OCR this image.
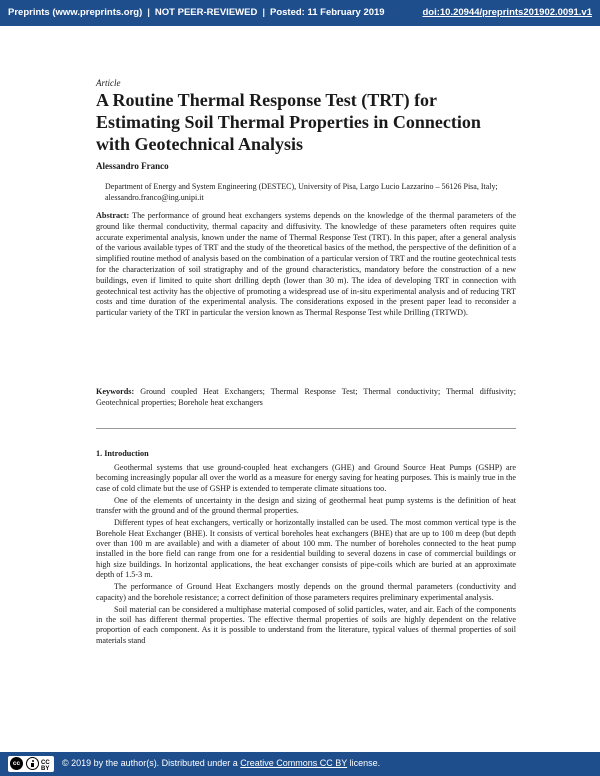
Preprints (www.preprints.org) | NOT PEER-REVIEWED | Posted: 11 February 2019	doi:10.20944/preprints201902.0091.v1
Article
A Routine Thermal Response Test (TRT) for Estimating Soil Thermal Properties in Connection with Geotechnical Analysis
Alessandro Franco
Department of Energy and System Engineering (DESTEC), University of Pisa, Largo Lucio Lazzarino – 56126 Pisa, Italy; alessandro.franco@ing.unipi.it

Abstract: The performance of ground heat exchangers systems depends on the knowledge of the thermal parameters of the ground like thermal conductivity, thermal capacity and diffusivity. The knowledge of these parameters often requires quite accurate experimental analysis, known under the name of Thermal Response Test (TRT). In this paper, after a general analysis of the various available types of TRT and the study of the theoretical basics of the method, the perspective of the definition of a simplified routine method of analysis based on the combination of a particular version of TRT and the routine geotechnical tests for the characterization of soil stratigraphy and of the ground characteristics, mandatory before the construction of a new buildings, even if limited to quite short drilling depth (lower than 30 m). The idea of developing TRT in connection with geotechnical test activity has the objective of promoting a widespread use of in-situ experimental analysis and of reducing TRT costs and time duration of the experimental analysis. The considerations exposed in the present paper lead to reconsider a particular variety of the TRT in particular the version known as Thermal Response Test while Drilling (TRTWD).

Keywords: Ground coupled Heat Exchangers; Thermal Response Test; Thermal conductivity; Thermal diffusivity; Geotechnical properties; Borehole heat exchangers

1. Introduction

Geothermal systems that use ground-coupled heat exchangers (GHE) and Ground Source Heat Pumps (GSHP) are becoming increasingly popular all over the world as a measure for energy saving for heating purposes. This is mainly true in the case of cold climate but the use of GSHP is extended to temperate climate situations too.

One of the elements of uncertainty in the design and sizing of geothermal heat pump systems is the definition of heat transfer with the ground and of the ground thermal properties.

Different types of heat exchangers, vertically or horizontally installed can be used. The most common vertical type is the Borehole Heat Exchanger (BHE). It consists of vertical boreholes heat exchangers (BHE) that are up to 100 m deep (but depth over than 100 m are available) and with a diameter of about 100 mm. The number of boreholes connected to the heat pump installed in the bore field can range from one for a residential building to several dozens in case of commercial buildings or high size buildings. In horizontal applications, the heat exchanger consists of pipe-coils which are buried at an approximate depth of 1.5-3 m.

The performance of Ground Heat Exchangers mostly depends on the ground thermal parameters (conductivity and capacity) and the borehole resistance; a correct definition of those parameters requires preliminary experimental analysis.

Soil material can be considered a multiphase material composed of solid particles, water, and air. Each of the components in the soil has different thermal properties. The effective thermal properties of soils are highly dependent on the relative proportion of each component. As it is possible to understand from the literature, typical values of thermal properties of soil materials stand

cc	CC BY
© 2019 by the author(s). Distributed under a Creative Commons CC BY license.
